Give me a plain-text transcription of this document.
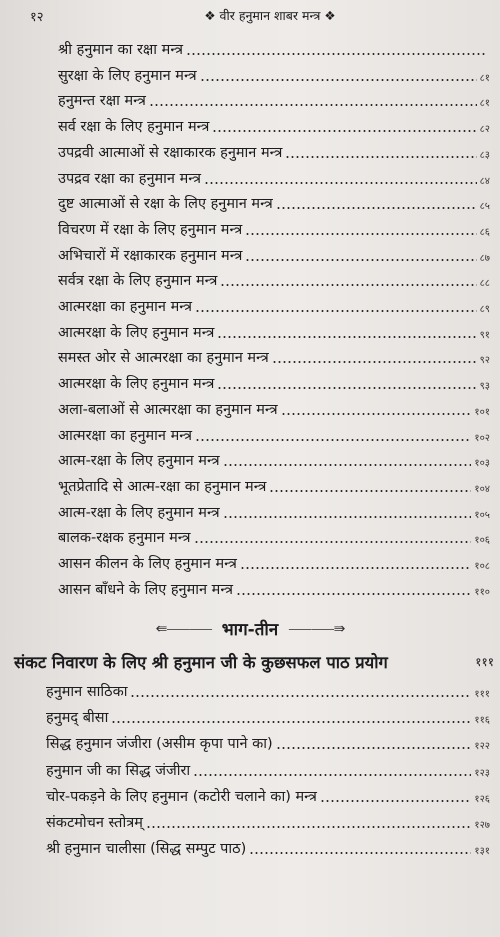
१२	❖ वीर हनुमान शाबर मन्त्र ❖
श्री हनुमान का रक्षा मन्त्र
सुरक्षा के लिए हनुमान मन्त्र	८१
हनुमन्त रक्षा मन्त्र	८१
सर्व रक्षा के लिए हनुमान मन्त्र	८२
उपद्रवी आत्माओं से रक्षाकारक हनुमान मन्त्र	८३
उपद्रव रक्षा का हनुमान मन्त्र	८४
दुष्ट आत्माओं से रक्षा के लिए हनुमान मन्त्र	८५
विचरण में रक्षा के लिए हनुमान मन्त्र	८६
अभिचारों में रक्षाकारक हनुमान मन्त्र	८७
सर्वत्र रक्षा के लिए हनुमान मन्त्र	८८
आत्मरक्षा का हनुमान मन्त्र	८९
आत्मरक्षा के लिए हनुमान मन्त्र	९१
समस्त ओर से आत्मरक्षा का हनुमान मन्त्र	९२
आत्मरक्षा के लिए हनुमान मन्त्र	९३
अला-बलाओं से आत्मरक्षा का हनुमान मन्त्र	१०१
आत्मरक्षा का हनुमान मन्त्र	१०२
आत्म-रक्षा के लिए हनुमान मन्त्र	१०३
भूतप्रेतादि से आत्म-रक्षा का हनुमान मन्त्र	१०४
आत्म-रक्षा के लिए हनुमान मन्त्र	१०५
बालक-रक्षक हनुमान मन्त्र	१०६
आसन कीलन के लिए हनुमान मन्त्र	१०८
आसन बाँधने के लिए हनुमान मन्त्र	११०
⇚⸺⸺ भाग-तीन ⸺⸺⇛
संकट निवारण के लिए श्री हनुमान जी के कुछसफल पाठ प्रयोग	१११
हनुमान साठिका	१११
हनुमद् बीसा	११६
सिद्ध हनुमान जंजीरा (असीम कृपा पाने का)	१२२
हनुमान जी का सिद्ध जंजीरा	१२३
चोर-पकड़ने के लिए हनुमान (कटोरी चलाने का) मन्त्र	१२६
संकटमोचन स्तोत्रम्	१२७
श्री हनुमान चालीसा (सिद्ध सम्पुट पाठ)	१३१
